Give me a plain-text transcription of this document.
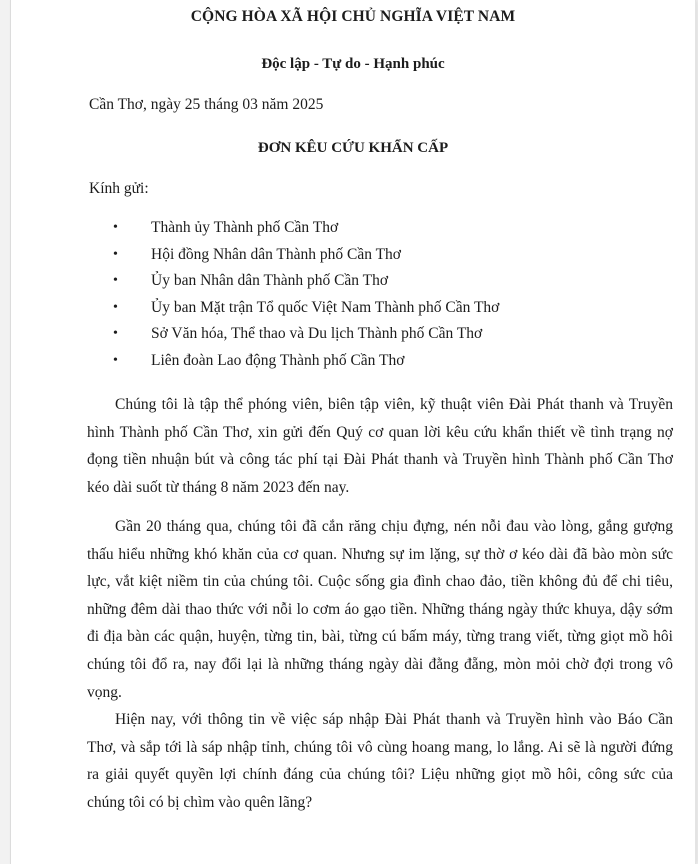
CỘNG HÒA XÃ HỘI CHỦ NGHĨA VIỆT NAM
Độc lập - Tự do - Hạnh phúc
Cần Thơ, ngày 25 tháng 03 năm 2025
ĐƠN KÊU CỨU KHẨN CẤP
Kính gửi:
• Thành ủy Thành phố Cần Thơ
• Hội đồng Nhân dân Thành phố Cần Thơ
• Ủy ban Nhân dân Thành phố Cần Thơ
• Ủy ban Mặt trận Tổ quốc Việt Nam Thành phố Cần Thơ
• Sở Văn hóa, Thể thao và Du lịch Thành phố Cần Thơ
• Liên đoàn Lao động Thành phố Cần Thơ

Chúng tôi là tập thể phóng viên, biên tập viên, kỹ thuật viên Đài Phát thanh và Truyền hình Thành phố Cần Thơ, xin gửi đến Quý cơ quan lời kêu cứu khẩn thiết về tình trạng nợ đọng tiền nhuận bút và công tác phí tại Đài Phát thanh và Truyền hình Thành phố Cần Thơ kéo dài suốt từ tháng 8 năm 2023 đến nay.

Gần 20 tháng qua, chúng tôi đã cắn răng chịu đựng, nén nỗi đau vào lòng, gắng gượng thấu hiểu những khó khăn của cơ quan. Nhưng sự im lặng, sự thờ ơ kéo dài đã bào mòn sức lực, vắt kiệt niềm tin của chúng tôi. Cuộc sống gia đình chao đảo, tiền không đủ để chi tiêu, những đêm dài thao thức với nỗi lo cơm áo gạo tiền. Những tháng ngày thức khuya, dậy sớm đi địa bàn các quận, huyện, từng tin, bài, từng cú bấm máy, từng trang viết, từng giọt mồ hôi chúng tôi đổ ra, nay đổi lại là những tháng ngày dài đằng đẵng, mòn mỏi chờ đợi trong vô vọng.

Hiện nay, với thông tin về việc sáp nhập Đài Phát thanh và Truyền hình vào Báo Cần Thơ, và sắp tới là sáp nhập tỉnh, chúng tôi vô cùng hoang mang, lo lắng. Ai sẽ là người đứng ra giải quyết quyền lợi chính đáng của chúng tôi? Liệu những giọt mồ hôi, công sức của chúng tôi có bị chìm vào quên lãng?
